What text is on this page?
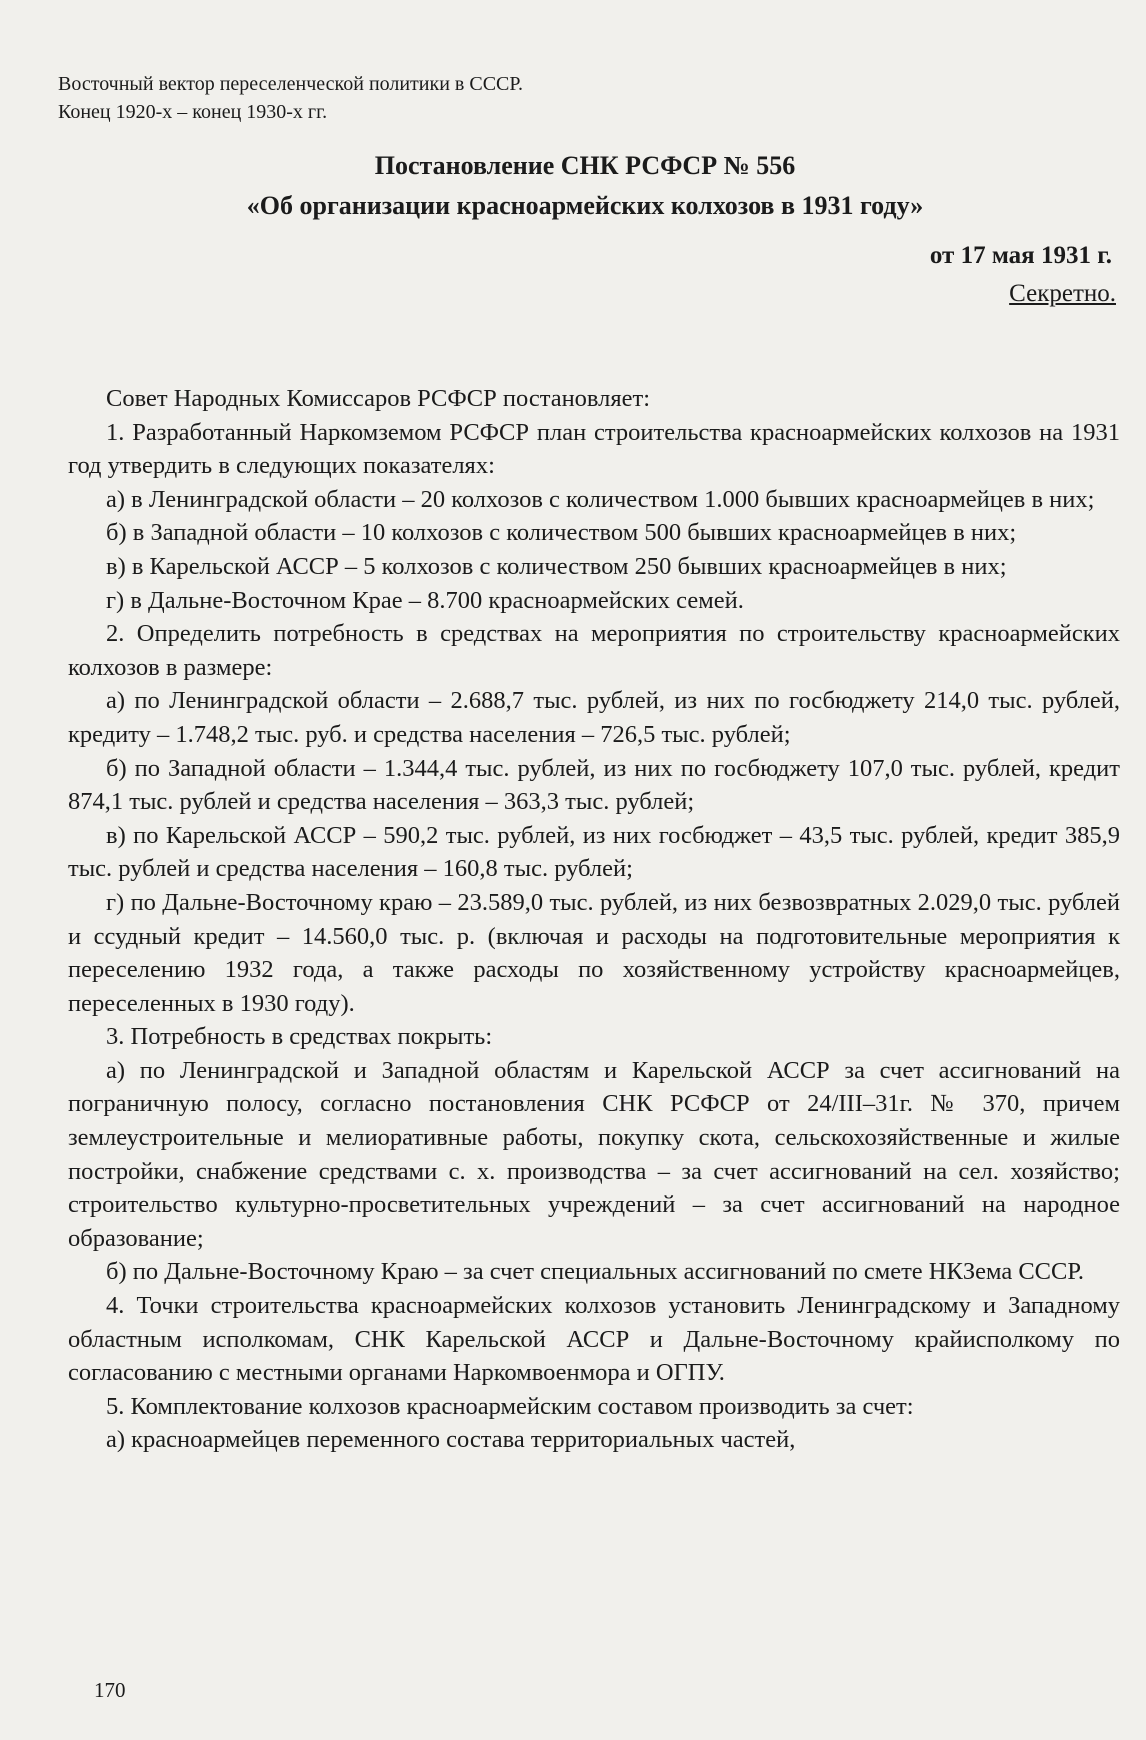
Восточный вектор переселенческой политики в СССР.
Конец 1920-х – конец 1930-х гг.
Постановление СНК РСФСР № 556
«Об организации красноармейских колхозов в 1931 году»
от 17 мая 1931 г.
Секретно.

Совет Народных Комиссаров РСФСР постановляет:

1. Разработанный Наркомземом РСФСР план строительства красноармейских колхозов на 1931 год утвердить в следующих показателях:

а) в Ленинградской области – 20 колхозов с количеством 1.000 бывших красноармейцев в них;

б) в Западной области – 10 колхозов с количеством 500 бывших красноармейцев в них;

в) в Карельской АССР – 5 колхозов с количеством 250 бывших красноармейцев в них;

г) в Дальне-Восточном Крае – 8.700 красноармейских семей.

2. Определить потребность в средствах на мероприятия по строительству красноармейских колхозов в размере:

а) по Ленинградской области – 2.688,7 тыс. рублей, из них по госбюджету 214,0 тыс. рублей, кредиту – 1.748,2 тыс. руб. и средства населения – 726,5 тыс. рублей;

б) по Западной области – 1.344,4 тыс. рублей, из них по госбюджету 107,0 тыс. рублей, кредит 874,1 тыс. рублей и средства населения – 363,3 тыс. рублей;

в) по Карельской АССР – 590,2 тыс. рублей, из них госбюджет – 43,5 тыс. рублей, кредит 385,9 тыс. рублей и средства населения – 160,8 тыс. рублей;

г) по Дальне-Восточному краю – 23.589,0 тыс. рублей, из них безвозвратных 2.029,0 тыс. рублей и ссудный кредит – 14.560,0 тыс. р. (включая и расходы на подготовительные мероприятия к переселению 1932 года, а также расходы по хозяйственному устройству красноармейцев, переселенных в 1930 году).

3. Потребность в средствах покрыть:

а) по Ленинградской и Западной областям и Карельской АССР за счет ассигнований на пограничную полосу, согласно постановления СНК РСФСР от 24/III–31г. № 370, причем землеустроительные и мелиоративные работы, покупку скота, сельскохозяйственные и жилые постройки, снабжение средствами с. х. производства – за счет ассигнований на сел. хозяйство; строительство культурно-просветительных учреждений – за счет ассигнований на народное образование;

б) по Дальне-Восточному Краю – за счет специальных ассигнований по смете НКЗема СССР.

4. Точки строительства красноармейских колхозов установить Ленинградскому и Западному областным исполкомам, СНК Карельской АССР и Дальне-Восточному крайисполкому по согласованию с местными органами Наркомвоенмора и ОГПУ.

5. Комплектование колхозов красноармейским составом производить за счет:

а) красноармейцев переменного состава территориальных частей,

170
